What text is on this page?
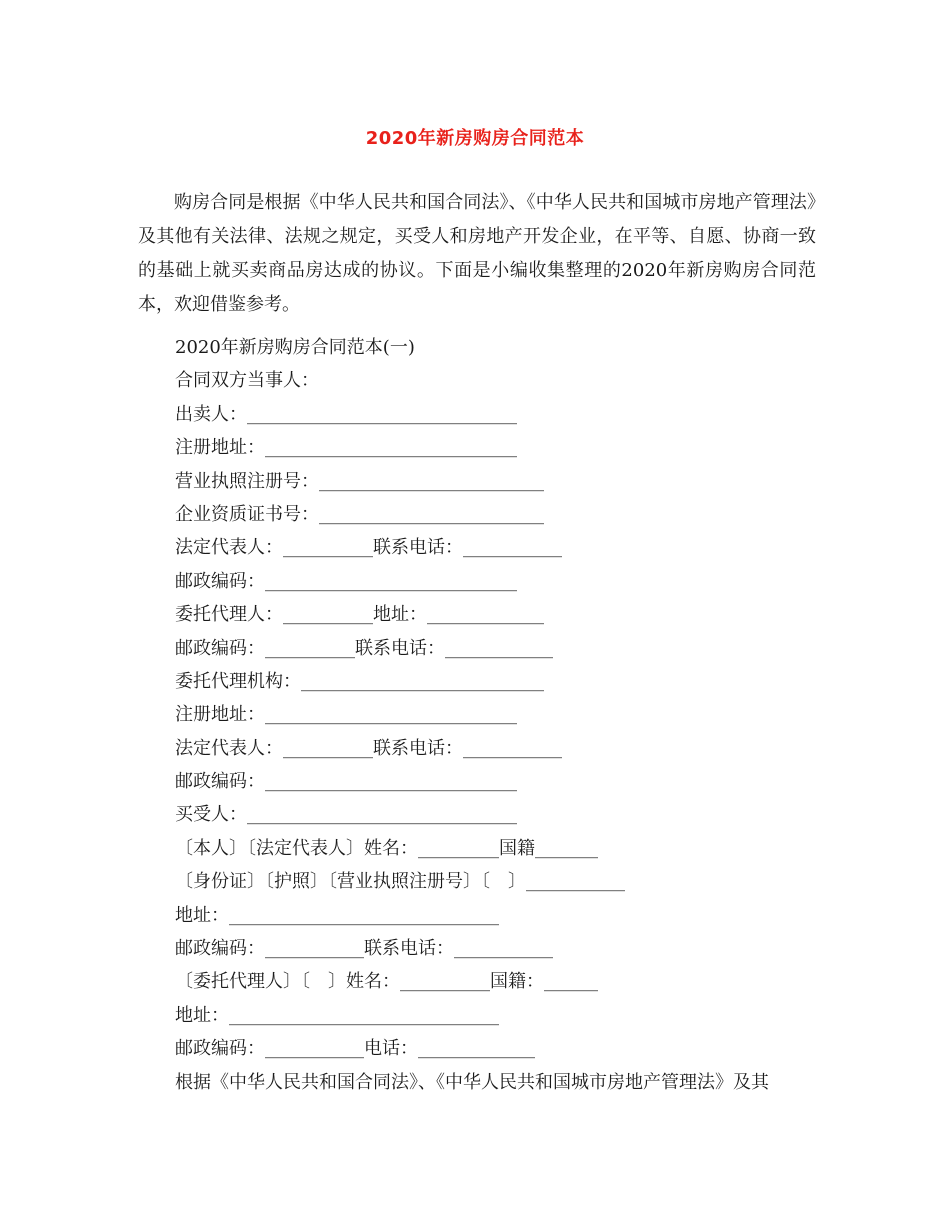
2020年新房购房合同范本

购房合同是根据《中华人民共和国合同法》、《中华人民共和国城市房地产管理法》及其他有关法律、法规之规定，买受人和房地产开发企业，在平等、自愿、协商一致的基础上就买卖商品房达成的协议。下面是小编收集整理的2020年新房购房合同范本，欢迎借鉴参考。

2020年新房购房合同范本(一)
合同双方当事人：
出卖人：______________________________
注册地址：____________________________
营业执照注册号：_________________________
企业资质证书号：_________________________
法定代表人：__________联系电话：___________
邮政编码：____________________________
委托代理人：__________地址：_____________
邮政编码：__________联系电话：____________
委托代理机构：___________________________
注册地址：____________________________
法定代表人：__________联系电话：___________
邮政编码：____________________________
买受人：______________________________
〔本人〕〔法定代表人〕姓名：_________国籍_______
〔身份证〕〔护照〕〔营业执照注册号〕〔　〕___________
地址：______________________________
邮政编码：___________联系电话：___________
〔委托代理人〕〔　〕姓名：__________国籍：______
地址：______________________________
邮政编码：___________电话：_____________
根据《中华人民共和国合同法》、《中华人民共和国城市房地产管理法》及其
